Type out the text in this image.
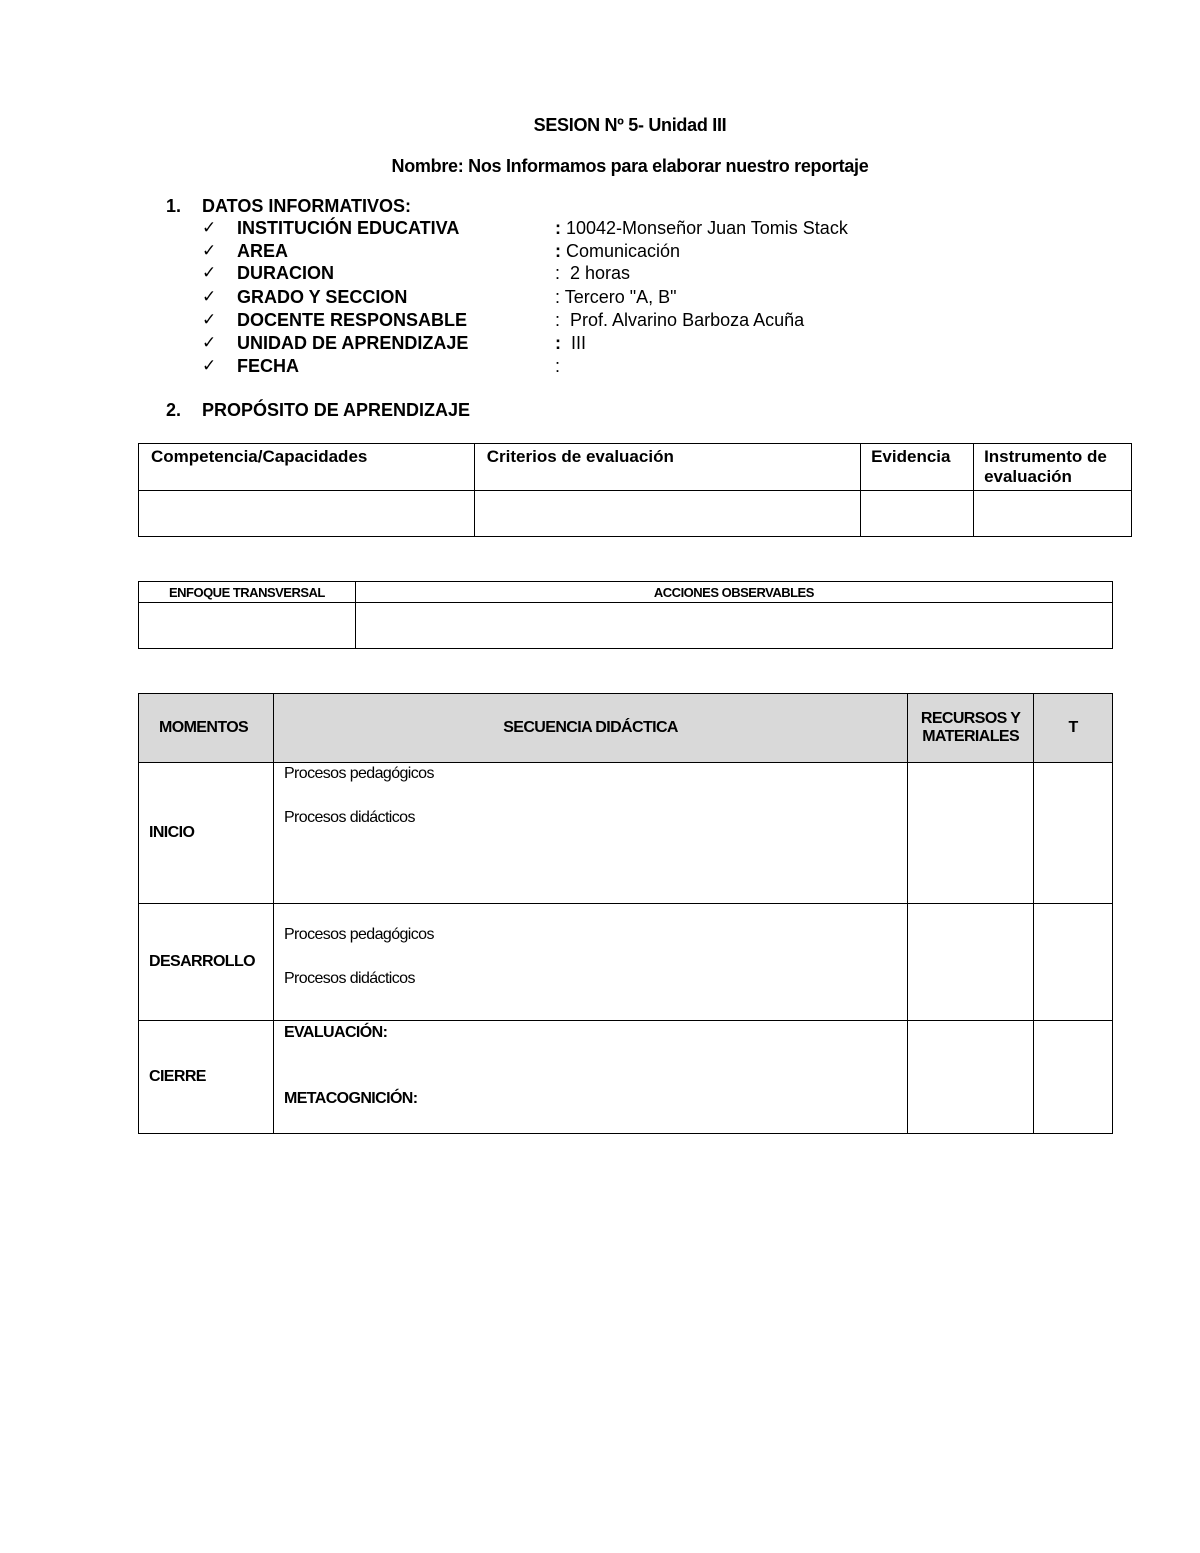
SESION Nº 5- Unidad III
Nombre: Nos Informamos para elaborar nuestro reportaje
1. DATOS INFORMATIVOS:
✓ INSTITUCIÓN EDUCATIVA	: 10042-Monseñor Juan Tomis Stack
✓ AREA	: Comunicación
✓ DURACION	:  2 horas
✓ GRADO Y SECCION	: Tercero "A, B"
✓ DOCENTE RESPONSABLE	:  Prof. Alvarino Barboza Acuña
✓ UNIDAD DE APRENDIZAJE	:  III
✓ FECHA	:
2. PROPÓSITO DE APRENDIZAJE
Competencia/Capacidades	Criterios de evaluación	Evidencia	Instrumento de evaluación

ENFOQUE TRANSVERSAL	ACCIONES OBSERVABLES

MOMENTOS	SECUENCIA DIDÁCTICA	RECURSOS Y MATERIALES	T
INICIO	Procesos pedagógicos
Procesos didácticos		

DESARROLLO	Procesos pedagógicos
Procesos didácticos		

CIERRE	EVALUACIÓN:
METACOGNICIÓN:		
